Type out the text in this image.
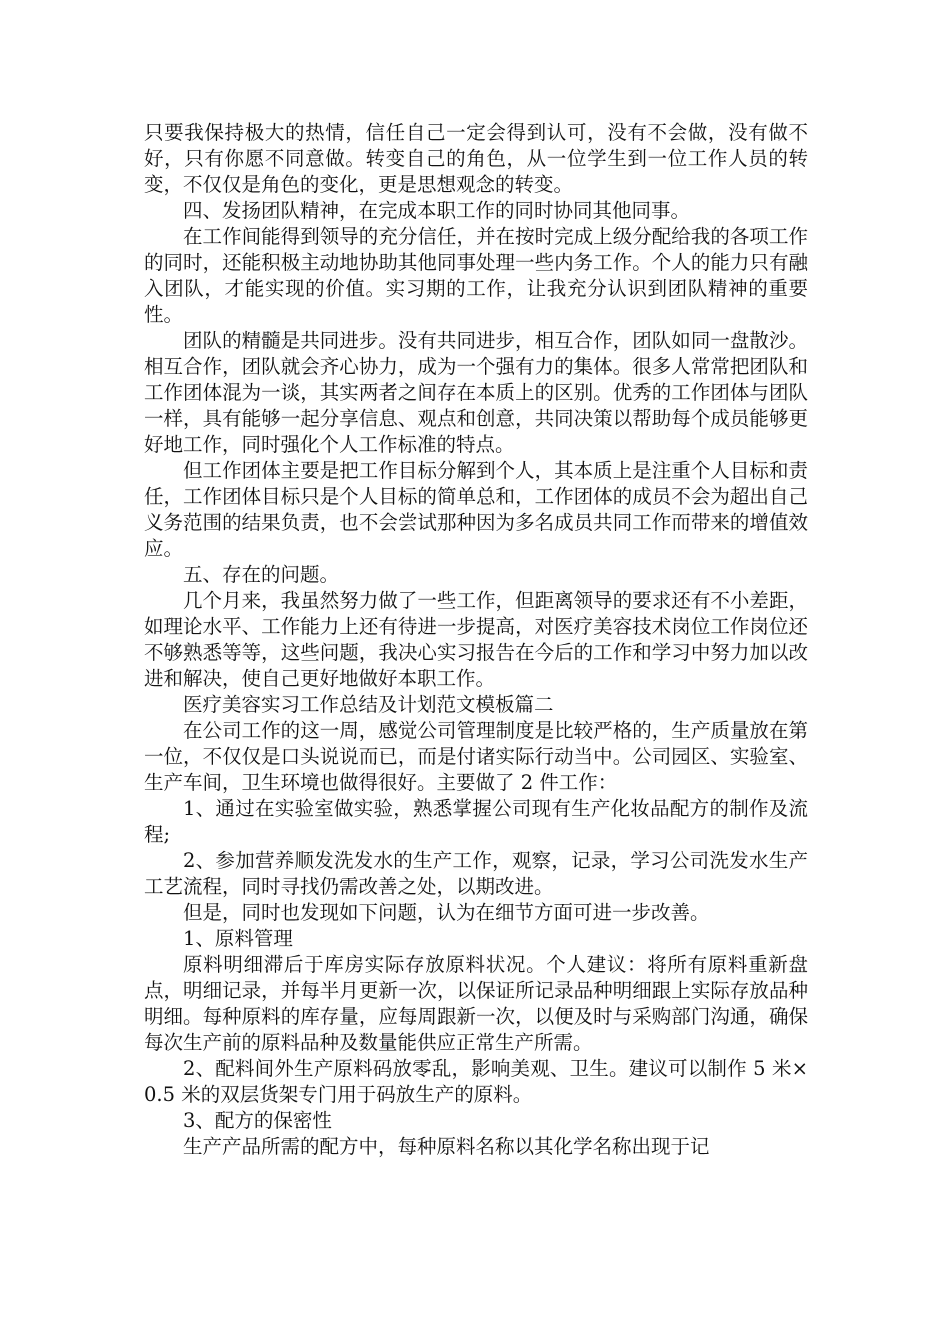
只要我保持极大的热情，信任自己一定会得到认可，没有不会做，没有做不好，只有你愿不同意做。转变自己的角色，从一位学生到一位工作人员的转变，不仅仅是角色的变化，更是思想观念的转变。

四、发扬团队精神，在完成本职工作的同时协同其他同事。

在工作间能得到领导的充分信任，并在按时完成上级分配给我的各项工作的同时，还能积极主动地协助其他同事处理一些内务工作。个人的能力只有融入团队，才能实现的价值。实习期的工作，让我充分认识到团队精神的重要性。

团队的精髓是共同进步。没有共同进步，相互合作，团队如同一盘散沙。相互合作，团队就会齐心协力，成为一个强有力的集体。很多人常常把团队和工作团体混为一谈，其实两者之间存在本质上的区别。优秀的工作团体与团队一样，具有能够一起分享信息、观点和创意，共同决策以帮助每个成员能够更好地工作，同时强化个人工作标准的特点。

但工作团体主要是把工作目标分解到个人，其本质上是注重个人目标和责任，工作团体目标只是个人目标的简单总和，工作团体的成员不会为超出自己义务范围的结果负责，也不会尝试那种因为多名成员共同工作而带来的增值效应。

五、存在的问题。

几个月来，我虽然努力做了一些工作，但距离领导的要求还有不小差距，如理论水平、工作能力上还有待进一步提高，对医疗美容技术岗位工作岗位还不够熟悉等等，这些问题，我决心实习报告在今后的工作和学习中努力加以改进和解决，使自己更好地做好本职工作。

医疗美容实习工作总结及计划范文模板篇二

在公司工作的这一周，感觉公司管理制度是比较严格的，生产质量放在第一位，不仅仅是口头说说而已，而是付诸实际行动当中。公司园区、实验室、生产车间，卫生环境也做得很好。主要做了 2 件工作：

1、通过在实验室做实验，熟悉掌握公司现有生产化妆品配方的制作及流程;

2、参加营养顺发洗发水的生产工作，观察，记录，学习公司洗发水生产工艺流程，同时寻找仍需改善之处，以期改进。

但是，同时也发现如下问题，认为在细节方面可进一步改善。

1、原料管理

原料明细滞后于库房实际存放原料状况。个人建议：将所有原料重新盘点，明细记录，并每半月更新一次，以保证所记录品种明细跟上实际存放品种明细。每种原料的库存量，应每周跟新一次，以便及时与采购部门沟通，确保每次生产前的原料品种及数量能供应正常生产所需。

2、配料间外生产原料码放零乱，影响美观、卫生。建议可以制作 5 米×0.5 米的双层货架专门用于码放生产的原料。

3、配方的保密性

生产产品所需的配方中，每种原料名称以其化学名称出现于记
